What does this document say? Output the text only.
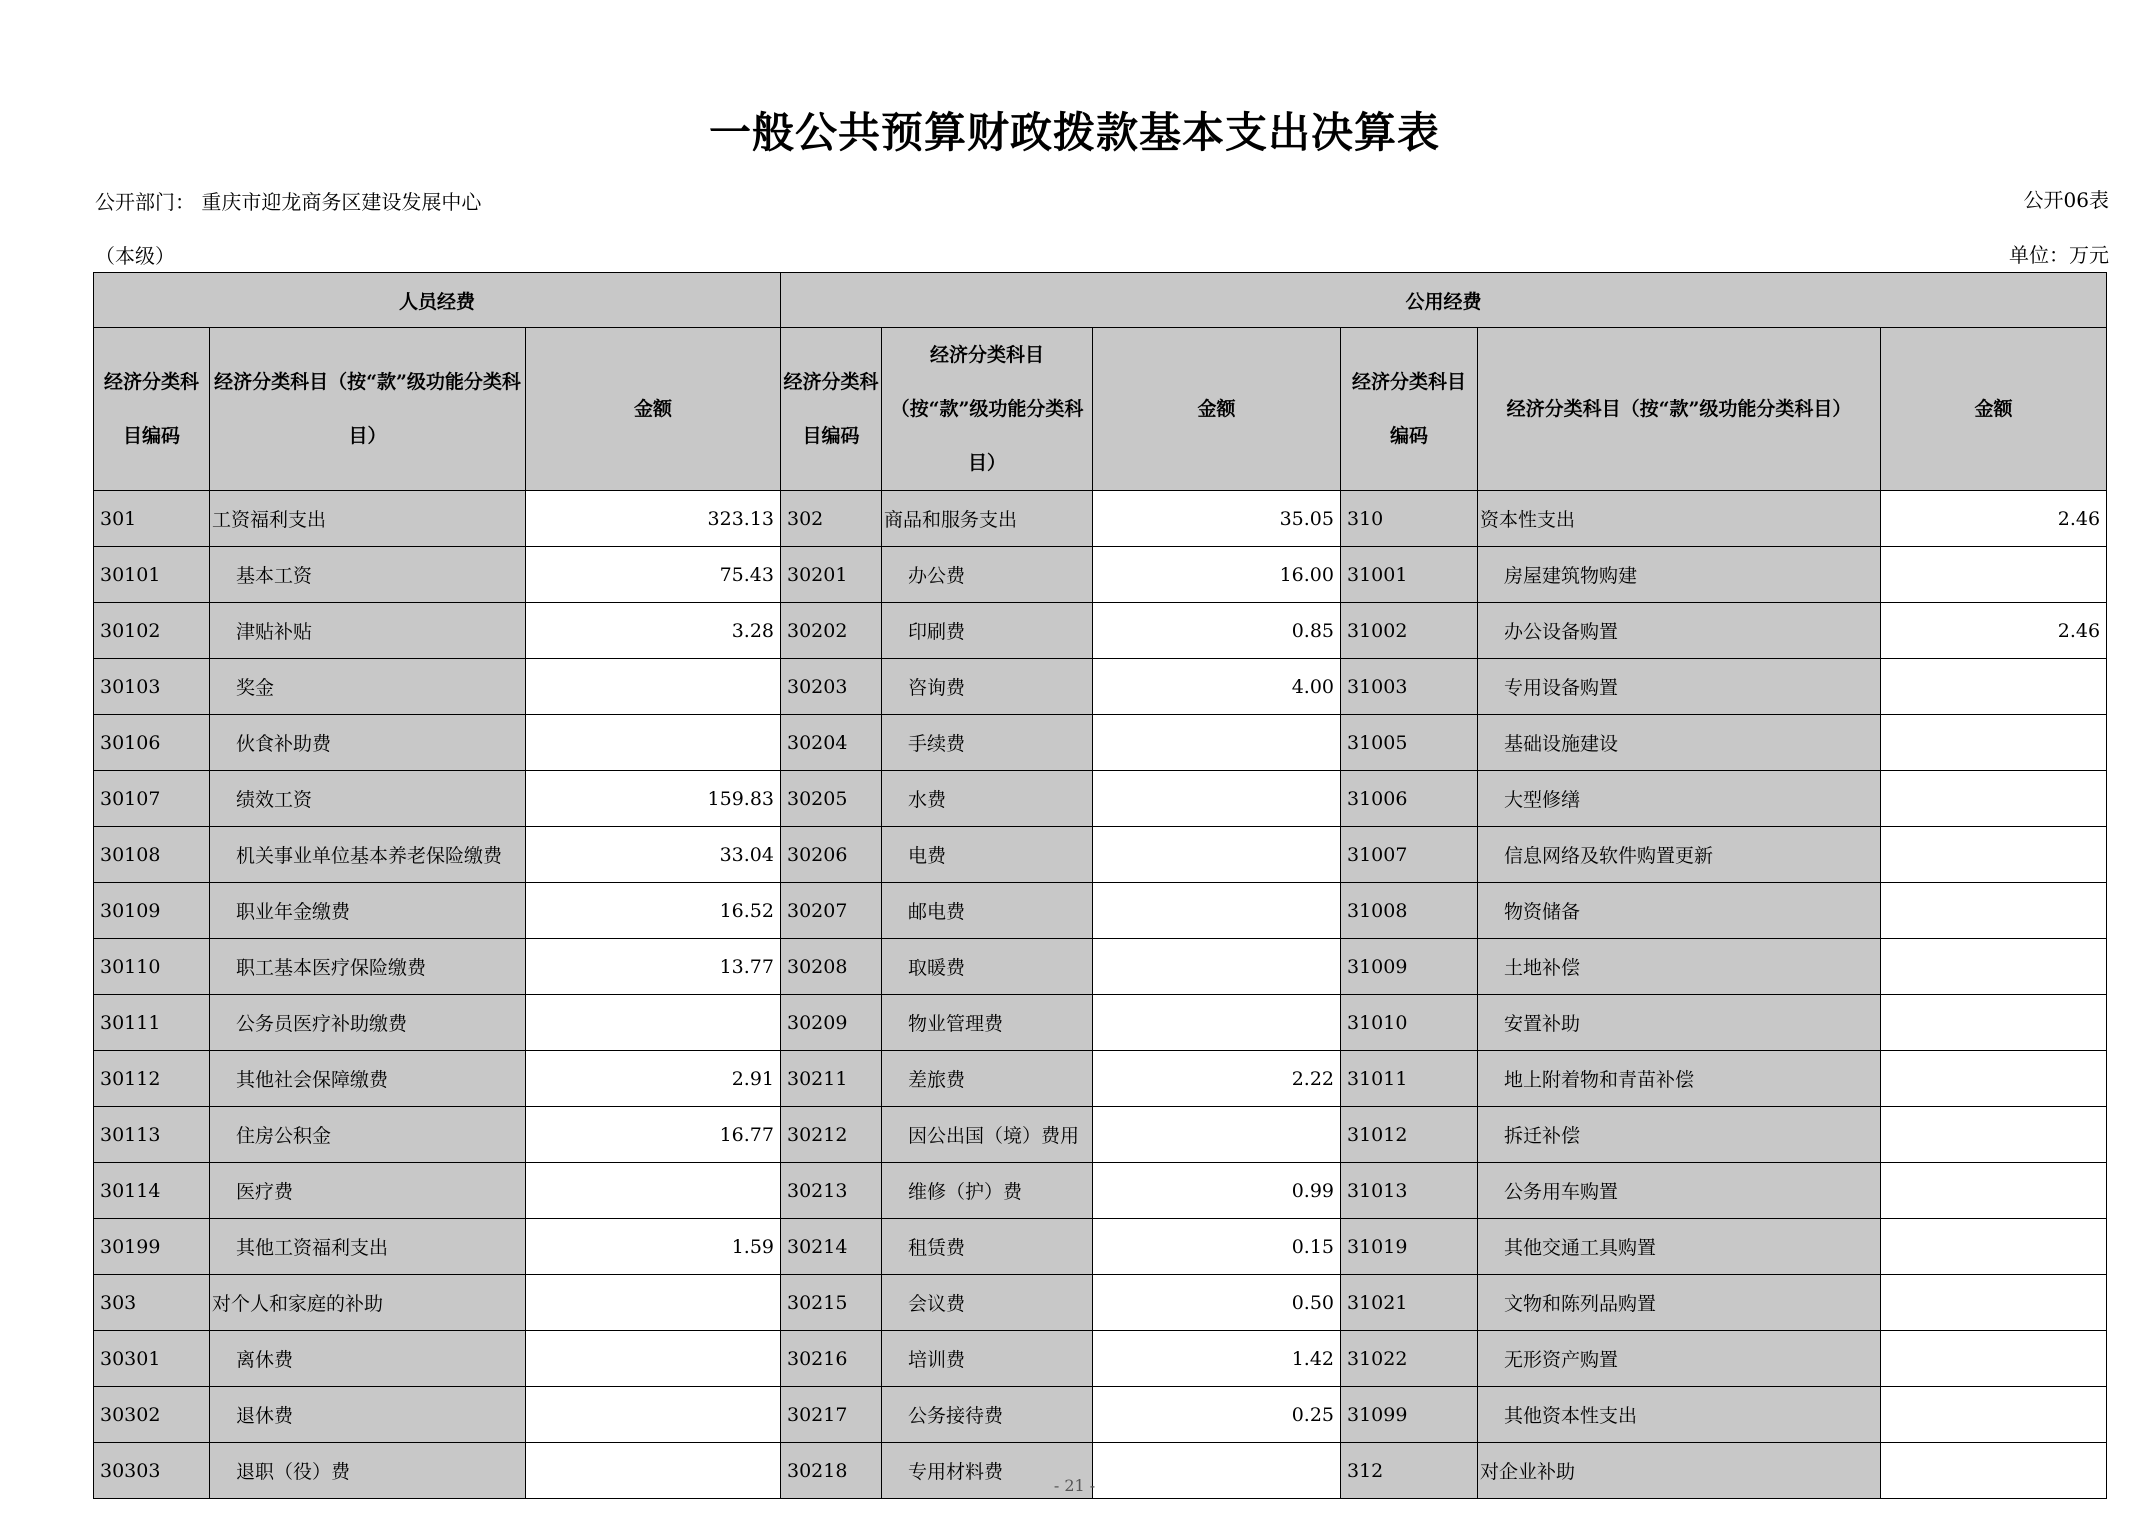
一般公共预算财政拨款基本支出决算表
公开部门： 重庆市迎龙商务区建设发展中心	公开06表
（本级）	单位：万元
人员经费			公用经费					
经济分类科目编码	经济分类科目（按“款”级功能分类科目）	金额	经济分类科目编码	经济分类科目（按“款”级功能分类科目）	金额	经济分类科目编码	经济分类科目（按“款”级功能分类科目）	金额
301	工资福利支出	323.13	302	商品和服务支出	35.05	310	资本性支出	2.46
30101	基本工资	75.43	30201	办公费	16.00	31001	房屋建筑物购建	
30102	津贴补贴	3.28	30202	印刷费	0.85	31002	办公设备购置	2.46
30103	奖金		30203	咨询费	4.00	31003	专用设备购置	
30106	伙食补助费		30204	手续费		31005	基础设施建设	
30107	绩效工资	159.83	30205	水费		31006	大型修缮	
30108	机关事业单位基本养老保险缴费	33.04	30206	电费		31007	信息网络及软件购置更新	
30109	职业年金缴费	16.52	30207	邮电费		31008	物资储备	
30110	职工基本医疗保险缴费	13.77	30208	取暖费		31009	土地补偿	
30111	公务员医疗补助缴费		30209	物业管理费		31010	安置补助	
30112	其他社会保障缴费	2.91	30211	差旅费	2.22	31011	地上附着物和青苗补偿	
30113	住房公积金	16.77	30212	因公出国（境）费用		31012	拆迁补偿	
30114	医疗费		30213	维修（护）费	0.99	31013	公务用车购置	
30199	其他工资福利支出	1.59	30214	租赁费	0.15	31019	其他交通工具购置	
303	对个人和家庭的补助		30215	会议费	0.50	31021	文物和陈列品购置	
30301	离休费		30216	培训费	1.42	31022	无形资产购置	
30302	退休费		30217	公务接待费	0.25	31099	其他资本性支出	
30303	退职（役）费		30218	专用材料费		312	对企业补助	
- 21 -
